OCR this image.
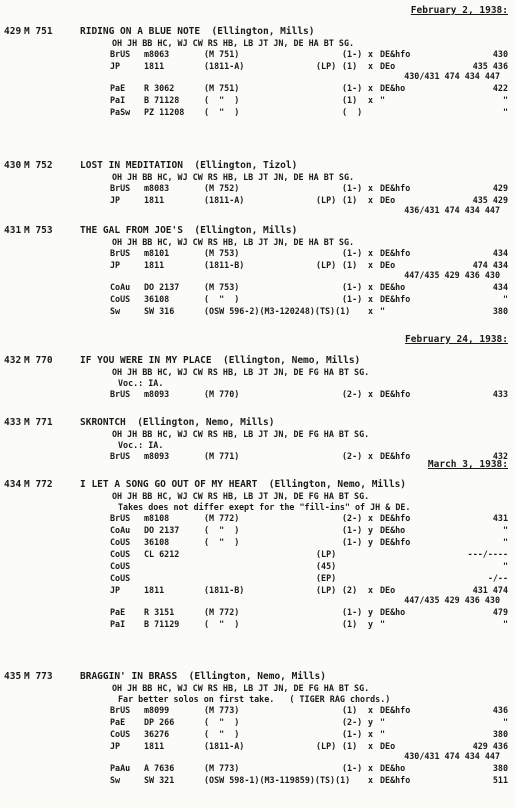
February 2, 1938:
February 24, 1938:
March 3, 1938:
429 M 751	RIDING ON A BLUE NOTE  (Ellington, Mills)
OH JH BB HC, WJ CW RS HB, LB JT JN, DE HA BT SG.
BrUS m8063	(M 751)	(1-) x DE&hfo	430
JP	1811	(1811-A)	(LP) (1) x DEo	435 436
430/431 474 434 447
PaE R 3062	(M 751)	(1-) x DE&ho	422
PaI B 71128	(  "  )	(1) x "	"
PaSw PZ 11208 (  "  )	(  )	"
430 M 752	LOST IN MEDITATION  (Ellington, Tizol)
OH JH BB HC, WJ CW RS HB, LB JT JN, DE HA BT SG.
BrUS m8083	(M 752)	(1-) x DE&hfo	429
JP	1811	(1811-A)	(LP) (1) x DEo	435 429
436/431 474 434 447
431 M 753	THE GAL FROM JOE'S  (Ellington, Mills)
OH JH BB HC, WJ CW RS HB, LB JT JN, DE HA BT SG.
BrUS m8101	(M 753)	(1-) x DE&hfo	434
JP	1811	(1811-B)	(LP) (1) x DEo	474 434
447/435 429 436 430
CoAu DO 2137	(M 753)	(1-) x DE&ho	434
CoUS 36108	(  "  )	(1-) x DE&hfo	"
Sw	SW 316	(OSW 596-2)(M3-120248)(TS)(1) x "	380
432 M 770	IF YOU WERE IN MY PLACE  (Ellington, Nemo, Mills)
OH JH BB HC, WJ CW RS HB, LB JT JN, DE FG HA BT SG.
Voc.: IA.
BrUS m8093	(M 770)	(2-) x DE&hfo	433
433 M 771	SKRONTCH  (Ellington, Nemo, Mills)
OH JH BB HC, WJ CW RS HB, LB JT JN, DE FG HA BT SG.
Voc.: IA.
BrUS m8093	(M 771)	(2-) x DE&hfo	432
434 M 772	I LET A SONG GO OUT OF MY HEART  (Ellington, Nemo, Mills)
OH JH BB HC, WJ CW RS HB, LB JT JN, DE FG HA BT SG.
Takes does not differ exept for the "fill-ins" of JH & DE.
BrUS m8108	(M 772)	(2-) x DE&hfo	431
CoAu DO 2137	(  "  )	(1-) y DE&ho	"
CoUS 36108	(  "  )	(1-) y DE&hfo	"
CoUS CL 6212	(LP)	---/----
CoUS	(45)	"
CoUS	(EP)	-/--
JP	1811	(1811-B)	(LP) (2) x DEo	431 474
447/435 429 436 430
PaE R 3151	(M 772)	(1-) y DE&ho	479
PaI B 71129	(  "  )	(1) y "	"
435 M 773	BRAGGIN' IN BRASS  (Ellington, Nemo, Mills)
OH JH BB HC, WJ CW RS HB, LB JT JN, DE FG HA BT SG.
Far better solos on first take.   ( TIGER RAG chords.)
BrUS m8099	(M 773)	(1) x DE&hfo	436
PaE DP 266	(  "  )	(2-) y "	"
CoUS 36276	(  "  )	(1-) x "	380
JP	1811	(1811-A)	(LP) (1) x DEo	429 436
430/431 474 434 447
PaAu A 7636	(M 773)	(1-) x DE&ho	380
Sw	SW 321	(OSW 598-1)(M3-119859)(TS)(1) x DE&hfo	511
